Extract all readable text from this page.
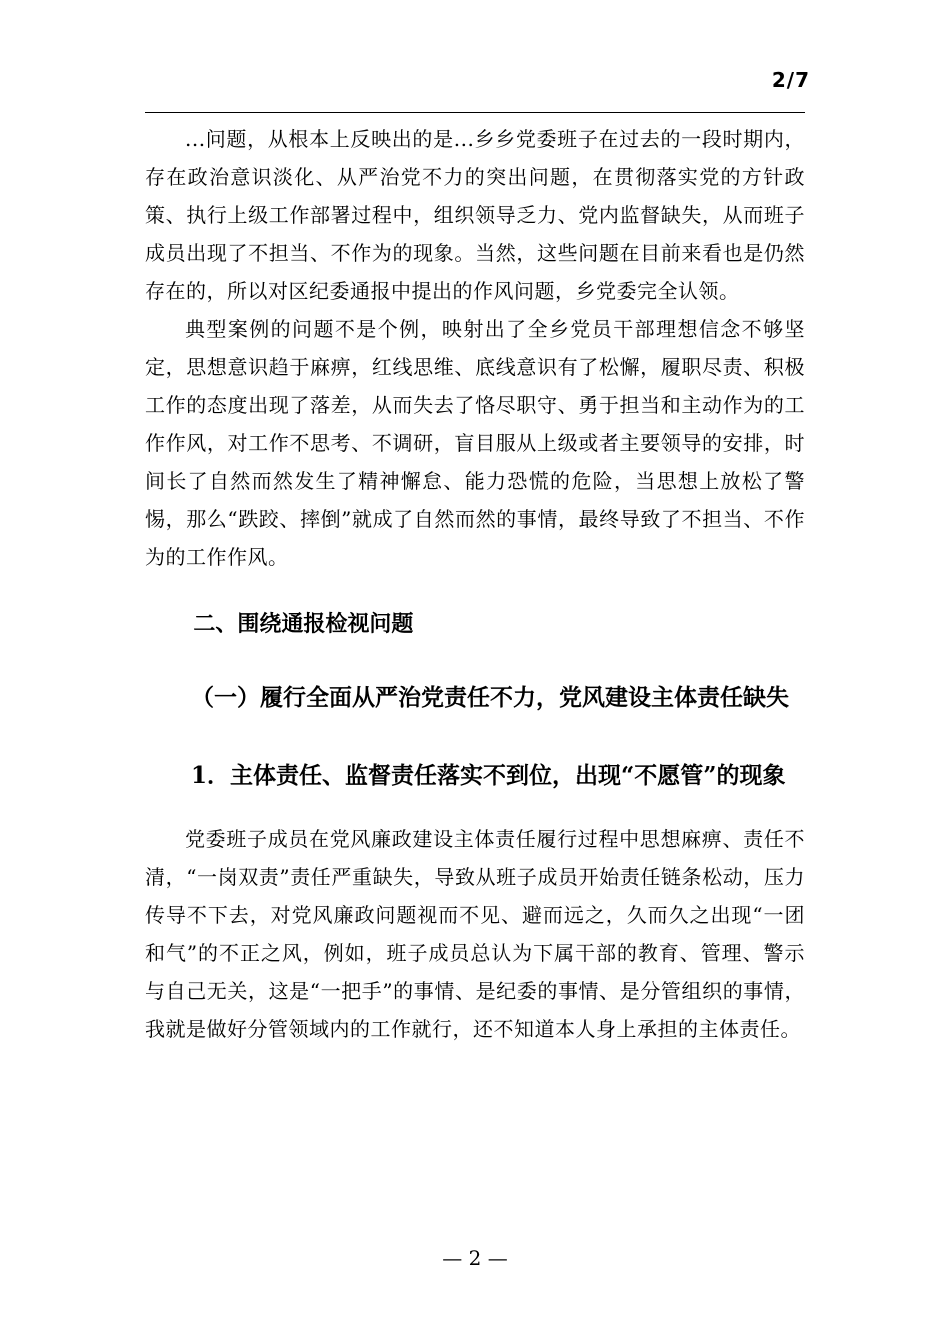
2/7

...问题，从根本上反映出的是...乡乡党委班子在过去的一段时期内，存在政治意识淡化、从严治党不力的突出问题，在贯彻落实党的方针政策、执行上级工作部署过程中，组织领导乏力、党内监督缺失，从而班子成员出现了不担当、不作为的现象。当然，这些问题在目前来看也是仍然存在的，所以对区纪委通报中提出的作风问题，乡党委完全认领。

典型案例的问题不是个例，映射出了全乡党员干部理想信念不够坚定，思想意识趋于麻痹，红线思维、底线意识有了松懈，履职尽责、积极工作的态度出现了落差，从而失去了恪尽职守、勇于担当和主动作为的工作作风，对工作不思考、不调研，盲目服从上级或者主要领导的安排，时间长了自然而然发生了精神懈怠、能力恐慌的危险，当思想上放松了警惕，那么“跌跤、摔倒”就成了自然而然的事情，最终导致了不担当、不作为的工作作风。

二、围绕通报检视问题

（一）履行全面从严治党责任不力，党风建设主体责任缺失

1．主体责任、监督责任落实不到位，出现“不愿管”的现象

党委班子成员在党风廉政建设主体责任履行过程中思想麻痹、责任不清，“一岗双责”责任严重缺失，导致从班子成员开始责任链条松动，压力传导不下去，对党风廉政问题视而不见、避而远之，久而久之出现“一团和气”的不正之风，例如，班子成员总认为下属干部的教育、管理、警示与自己无关，这是“一把手”的事情、是纪委的事情、是分管组织的事情，我就是做好分管领域内的工作就行，还不知道本人身上承担的主体责任。

— 2 —
